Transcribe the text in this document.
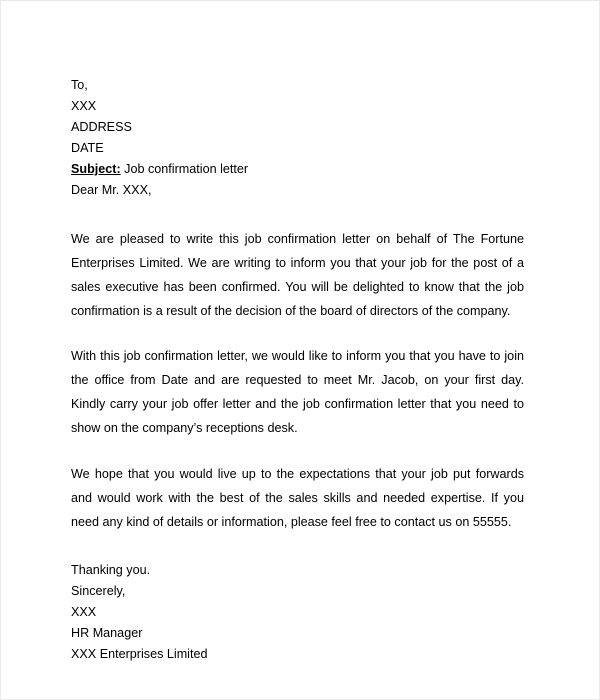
To,
XXX
ADDRESS
DATE
Subject: Job confirmation letter
Dear Mr. XXX,

We are pleased to write this job confirmation letter on behalf of The Fortune Enterprises Limited. We are writing to inform you that your job for the post of a sales executive has been confirmed. You will be delighted to know that the job confirmation is a result of the decision of the board of directors of the company.

With this job confirmation letter, we would like to inform you that you have to join the office from Date and are requested to meet Mr. Jacob, on your first day. Kindly carry your job offer letter and the job confirmation letter that you need to show on the company’s receptions desk.

We hope that you would live up to the expectations that your job put forwards and would work with the best of the sales skills and needed expertise. If you need any kind of details or information, please feel free to contact us on 55555.

Thanking you.
Sincerely,
XXX
HR Manager
XXX Enterprises Limited
